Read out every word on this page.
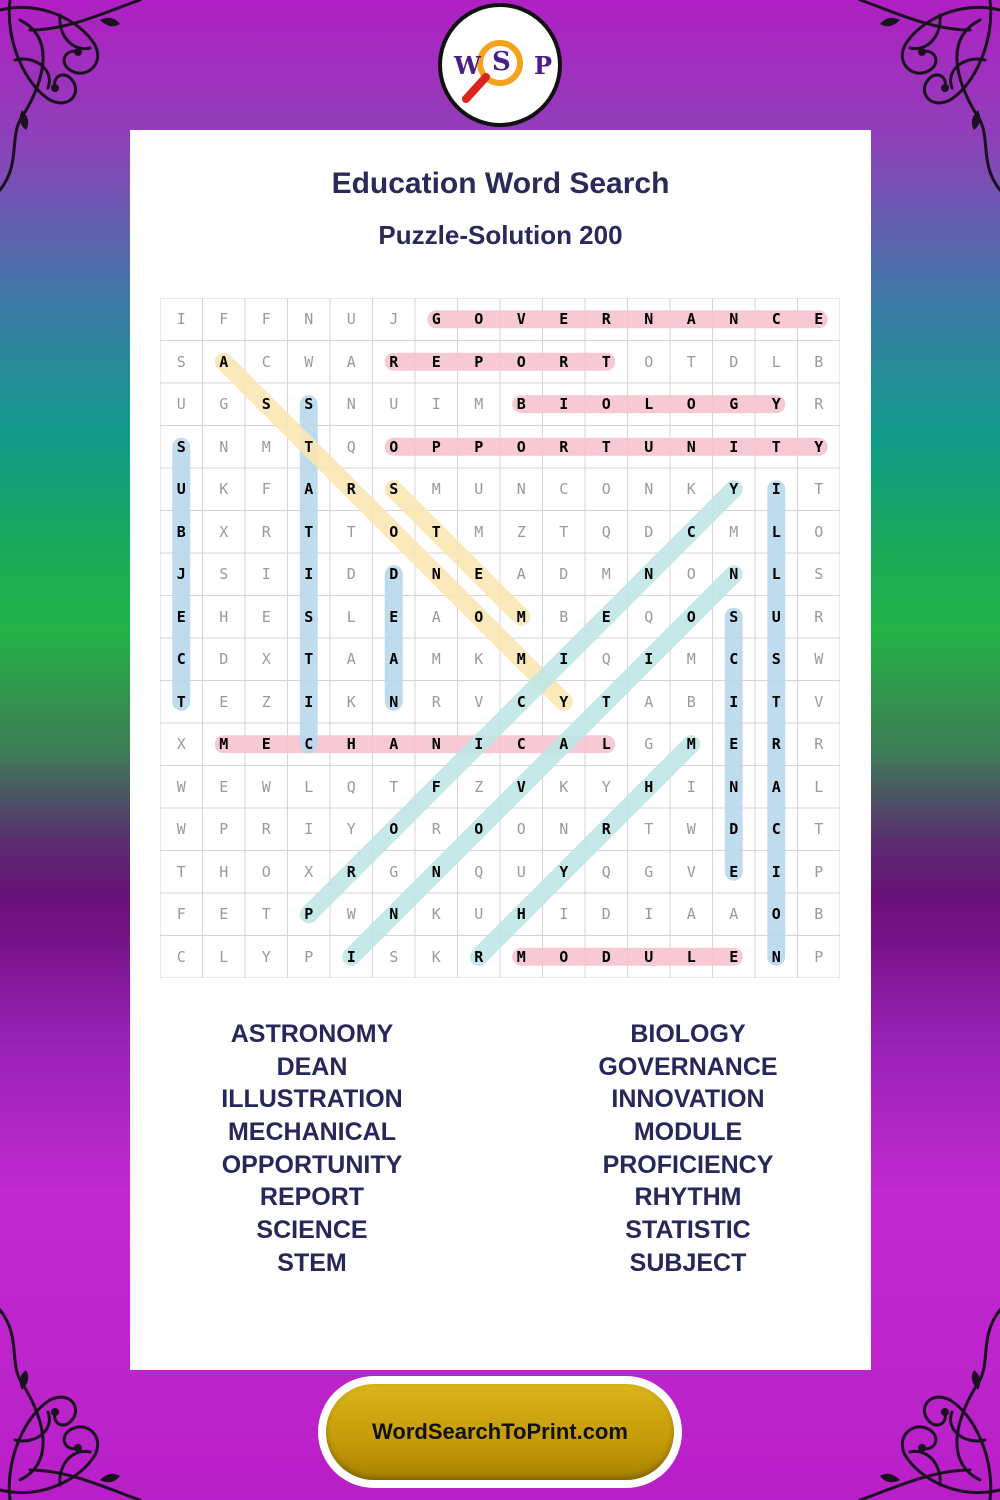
W S P
Education Word Search
Puzzle-Solution 200
I	F	F	N	U	J	G	O	V	E	R	N	A	N	C	E
S	A	C	W	A	R	E	P	O	R	T	O	T	D	L	B
U	G	S	S	N	U	I	M	B	I	O	L	O	G	Y	R
S	N	M	T	Q	O	P	P	O	R	T	U	N	I	T	Y
U	K	F	A	R	S	M	U	N	C	O	N	K	Y	I	T
B	X	R	T	T	O	T	M	Z	T	Q	D	C	M	L	O
J	S	I	I	D	D	N	E	A	D	M	N	O	N	L	S
E	H	E	S	L	E	A	O	M	B	E	Q	O	S	U	R
C	D	X	T	A	A	M	K	M	I	Q	I	M	C	S	W
T	E	Z	I	K	N	R	V	C	Y	T	A	B	I	T	V
X	M	E	C	H	A	N	I	C	A	L	G	M	E	R	R
W	E	W	L	Q	T	F	Z	V	K	Y	H	I	N	A	L
W	P	R	I	Y	O	R	O	O	N	R	T	W	D	C	T
T	H	O	X	R	G	N	Q	U	Y	Q	G	V	E	I	P
F	E	T	P	W	N	K	U	H	I	D	I	A	A	O	B
C	L	Y	P	I	S	K	R	M	O	D	U	L	E	N	P
ASTRONOMY
DEAN
ILLUSTRATION
MECHANICAL
OPPORTUNITY
REPORT
SCIENCE
STEM
BIOLOGY
GOVERNANCE
INNOVATION
MODULE
PROFICIENCY
RHYTHM
STATISTIC
SUBJECT
WordSearchToPrint.com
